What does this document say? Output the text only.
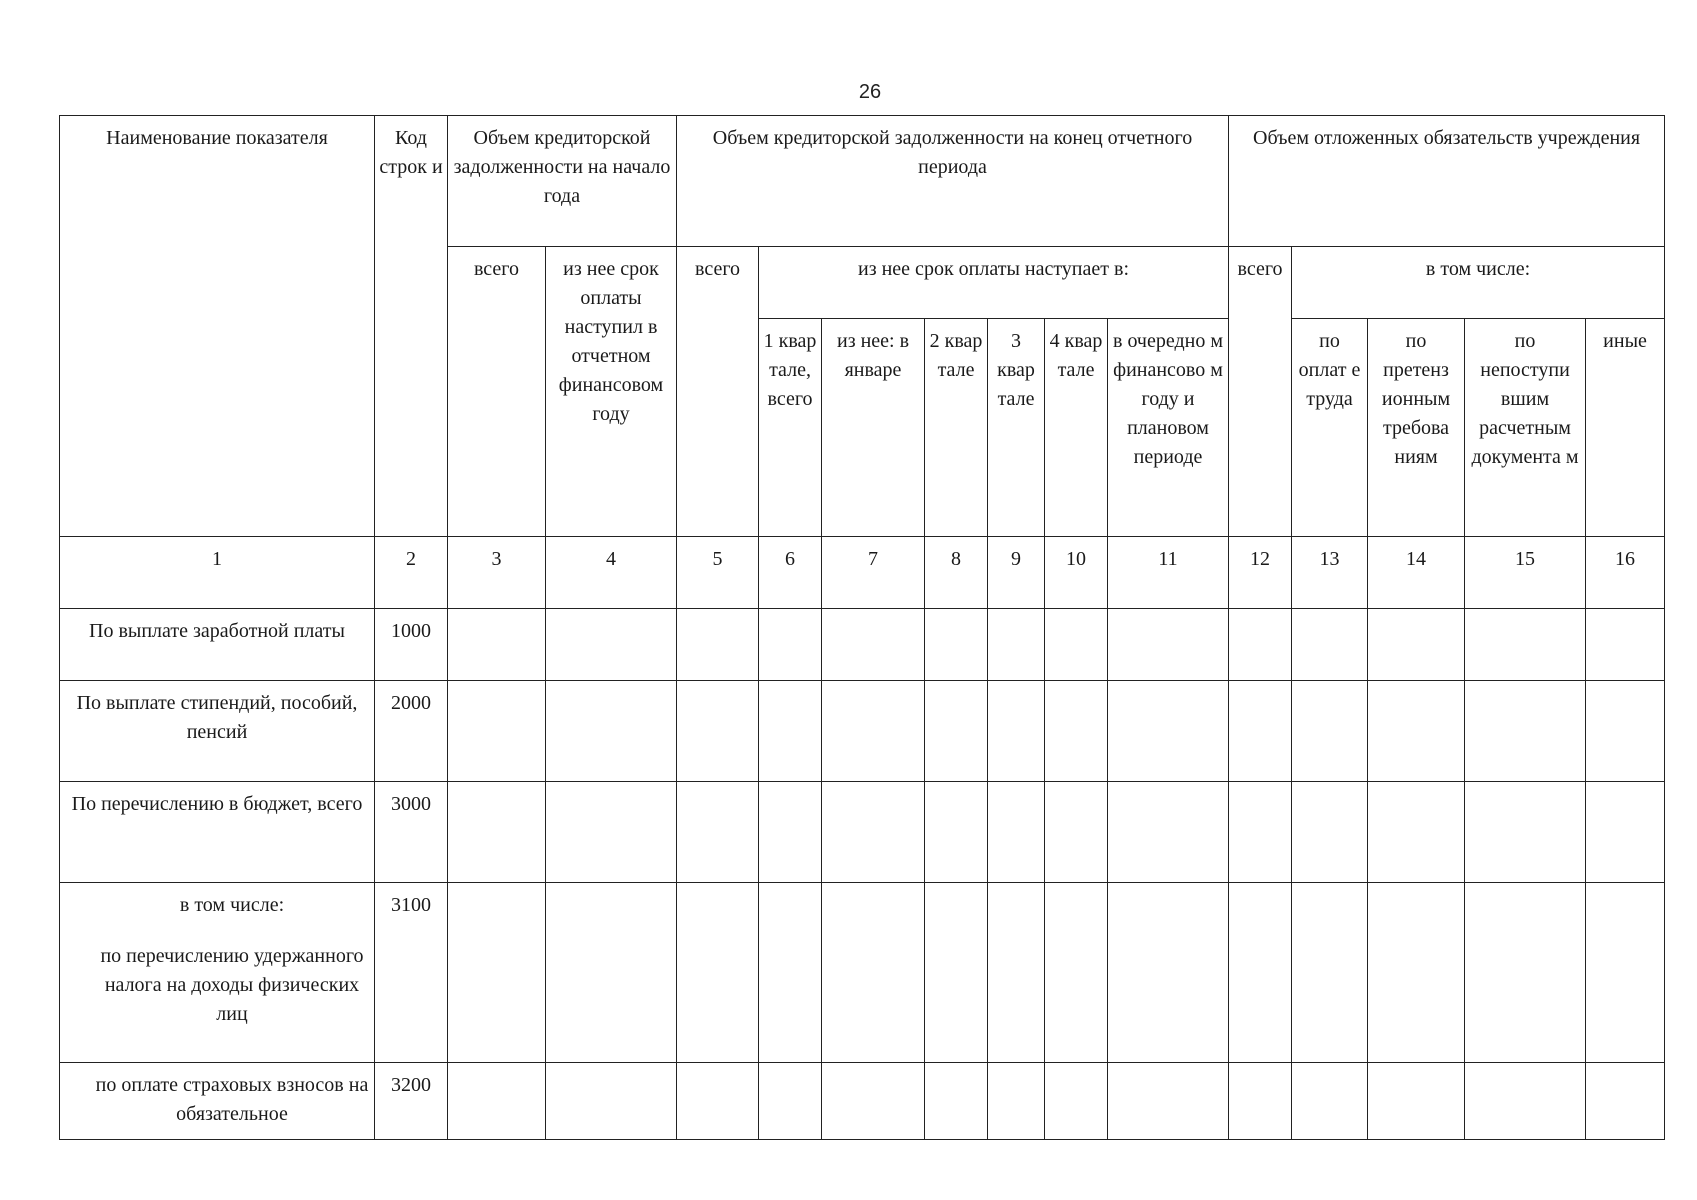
26
Наименование показателя	Код строк и	Объем кредиторской задолженности на начало года		Объем кредиторской задолженности на конец отчетного периода							Объем отложенных обязательств учреждения				
		всего	из нее срок оплаты наступил в отчетном финансовом году	всего	из нее срок оплаты наступает в:						всего	в том числе:			
					1 квар тале, всего	из нее: в январе	2 квар тале	3 квар тале	4 квар тале	в очередно м финансово м году и плановом периоде		по оплат е труда	по претенз ионным требова ниям	по непоступи вшим расчетным документа м	иные
1	2	3	4	5	6	7	8	9	10	11	12	13	14	15	16
По выплате заработной платы	1000														
По выплате стипендий, пособий, пенсий	2000														
По перечислению в бюджет, всего	3000														

в том числе:
по перечислению удержанного налога на доходы физических лиц	3100														
по оплате страховых взносов на обязательное	3200														
